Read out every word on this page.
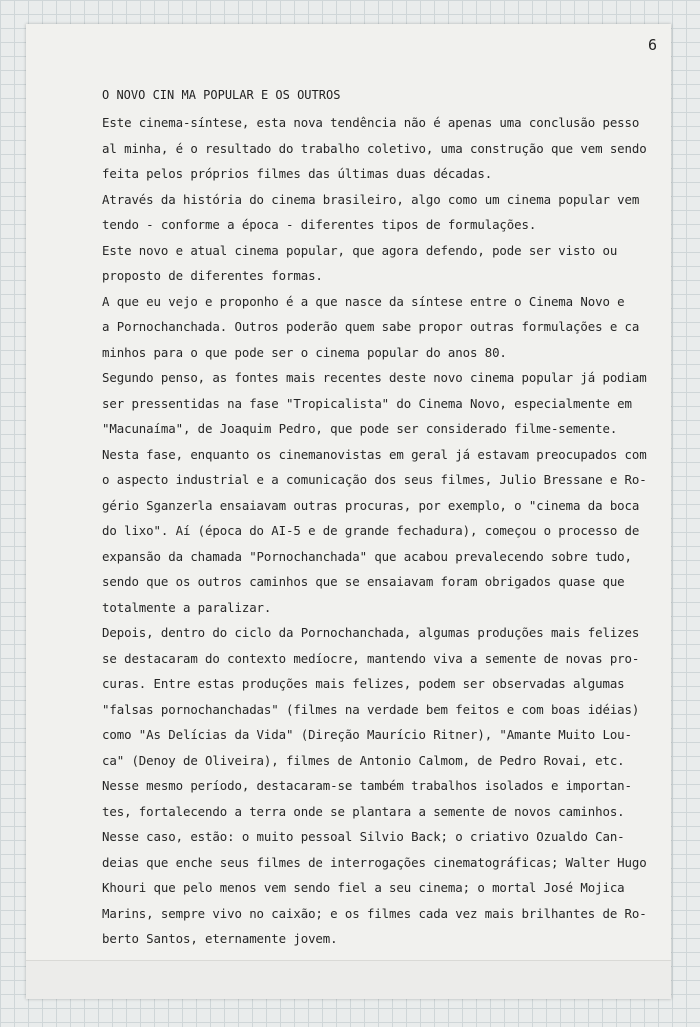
6
O NOVO CIN MA POPULAR E OS OUTROS
Este cinema-síntese, esta nova tendência não é apenas uma conclusão pesso
al minha, é o resultado do trabalho coletivo, uma construção que vem sendo
feita pelos próprios filmes das últimas duas décadas.
Através da história do cinema brasileiro, algo como um cinema popular vem
tendo - conforme a época - diferentes tipos de formulações.
Este novo e atual cinema popular, que agora defendo, pode ser visto ou
proposto de diferentes formas.
A que eu vejo e proponho é a que nasce da síntese entre o Cinema Novo e
a Pornochanchada. Outros poderão quem sabe propor outras formulações e ca
minhos para o que pode ser o cinema popular do anos 80.
Segundo penso, as fontes mais recentes deste novo cinema popular já podiam
ser pressentidas na fase "Tropicalista" do Cinema Novo, especialmente em
"Macunaíma", de Joaquim Pedro, que pode ser considerado filme-semente.
Nesta fase, enquanto os cinemanovistas em geral já estavam preocupados com
o aspecto industrial e a comunicação dos seus filmes, Julio Bressane e Ro-
gério Sganzerla ensaiavam outras procuras, por exemplo, o "cinema da boca
do lixo". Aí (época do AI-5 e de grande fechadura), começou o processo de
expansão da chamada "Pornochanchada" que acabou prevalecendo sobre tudo,
sendo que os outros caminhos que se ensaiavam foram obrigados quase que
totalmente a paralizar.
Depois, dentro do ciclo da Pornochanchada, algumas produções mais felizes
se destacaram do contexto medíocre, mantendo viva a semente de novas pro-
curas. Entre estas produções mais felizes, podem ser observadas algumas
"falsas pornochanchadas" (filmes na verdade bem feitos e com boas idéias)
como "As Delícias da Vida" (Direção Maurício Ritner), "Amante Muito Lou-
ca" (Denoy de Oliveira), filmes de Antonio Calmom, de Pedro Rovai, etc.
Nesse mesmo período, destacaram-se também trabalhos isolados e importan-
tes, fortalecendo a terra onde se plantara a semente de novos caminhos.
Nesse caso, estão: o muito pessoal Silvio Back; o criativo Ozualdo Can-
deias que enche seus filmes de interrogações cinematográficas; Walter Hugo
Khouri que pelo menos vem sendo fiel a seu cinema; o mortal José Mojica
Marins, sempre vivo no caixão; e os filmes cada vez mais brilhantes de Ro-
berto Santos, eternamente jovem.
